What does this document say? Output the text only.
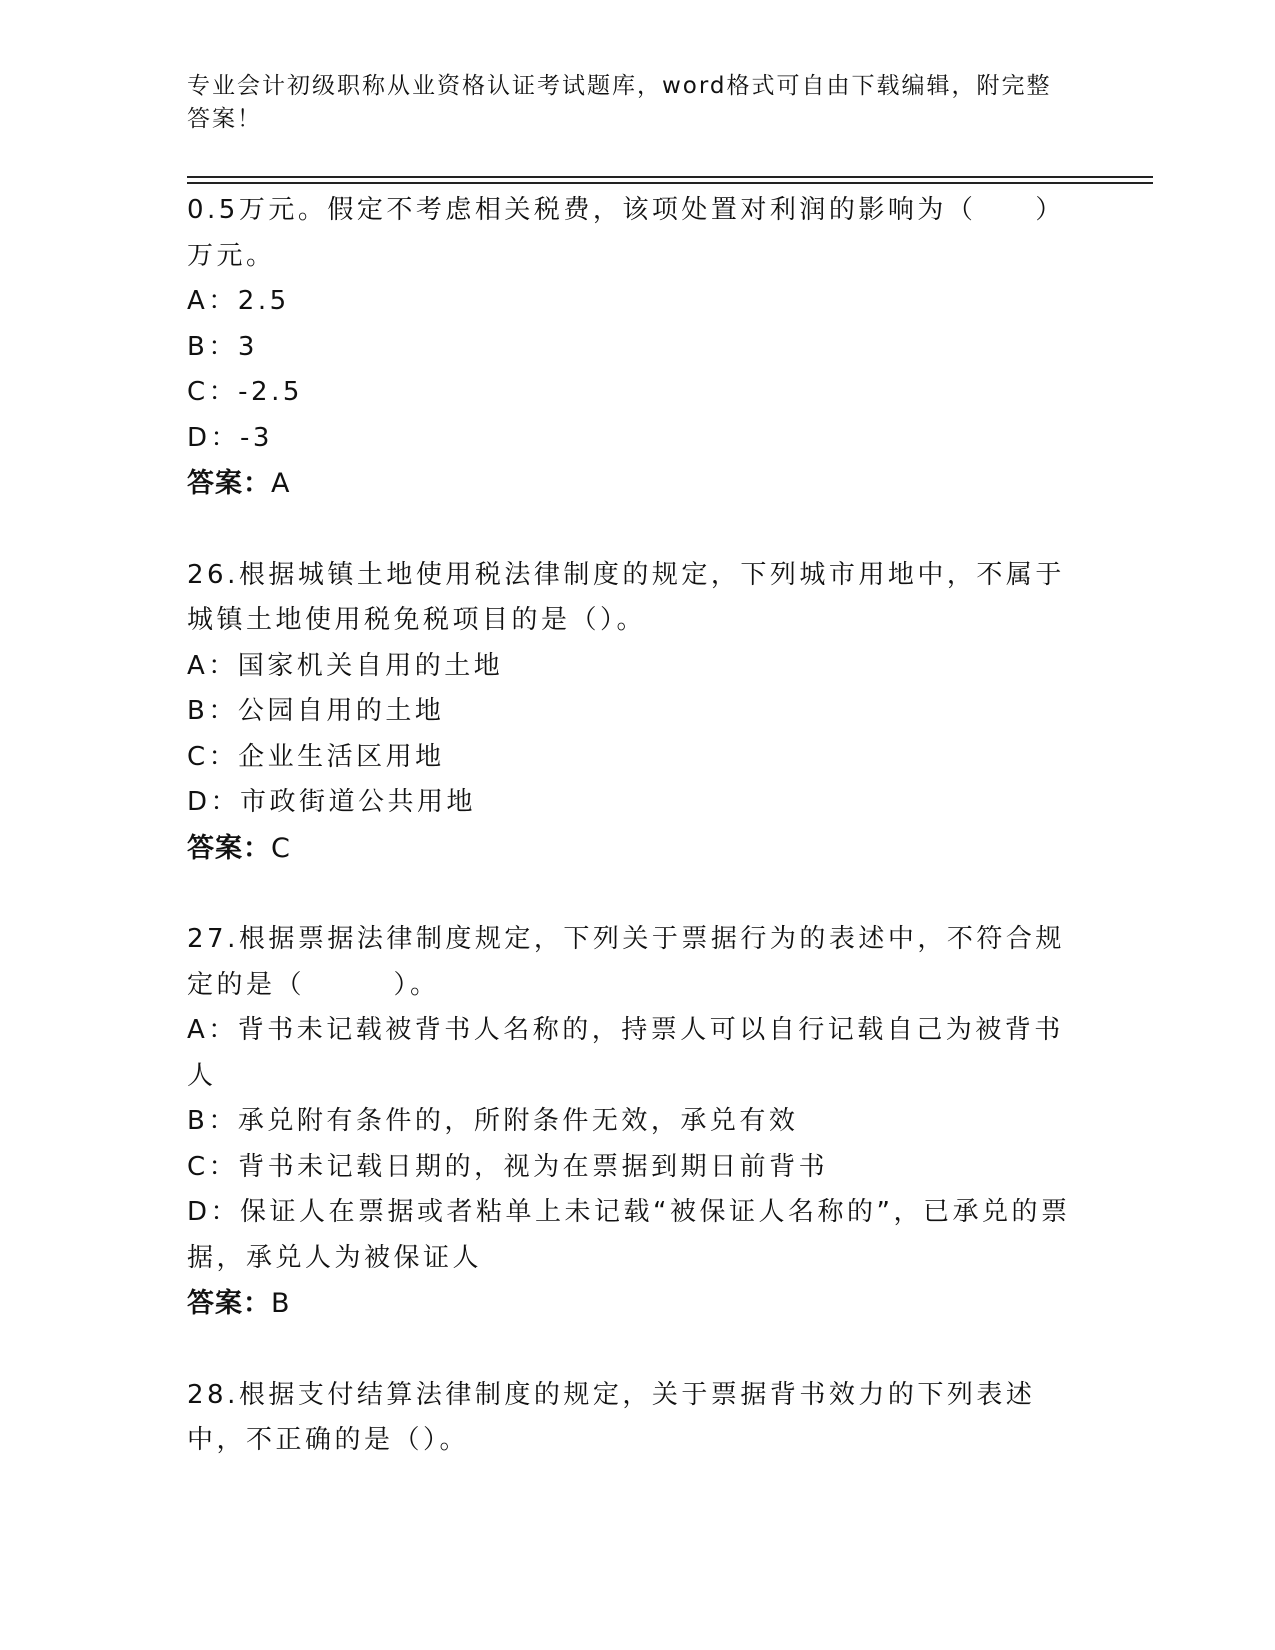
专业会计初级职称从业资格认证考试题库，word格式可自由下载编辑，附完整答案！
0.5万元。假定不考虑相关税费，该项处置对利润的影响为（　　）万元。
A：2.5
B：3
C：-2.5
D：-3
答案：A
26.根据城镇土地使用税法律制度的规定，下列城市用地中，不属于城镇土地使用税免税项目的是（）。
A：国家机关自用的土地
B：公园自用的土地
C：企业生活区用地
D：市政街道公共用地
答案：C
27.根据票据法律制度规定，下列关于票据行为的表述中，不符合规定的是（　　　）。
A：背书未记载被背书人名称的，持票人可以自行记载自己为被背书人
B：承兑附有条件的，所附条件无效，承兑有效
C：背书未记载日期的，视为在票据到期日前背书
D：保证人在票据或者粘单上未记载“被保证人名称的”，已承兑的票据，承兑人为被保证人
答案：B
28.根据支付结算法律制度的规定，关于票据背书效力的下列表述中，不正确的是（）。
